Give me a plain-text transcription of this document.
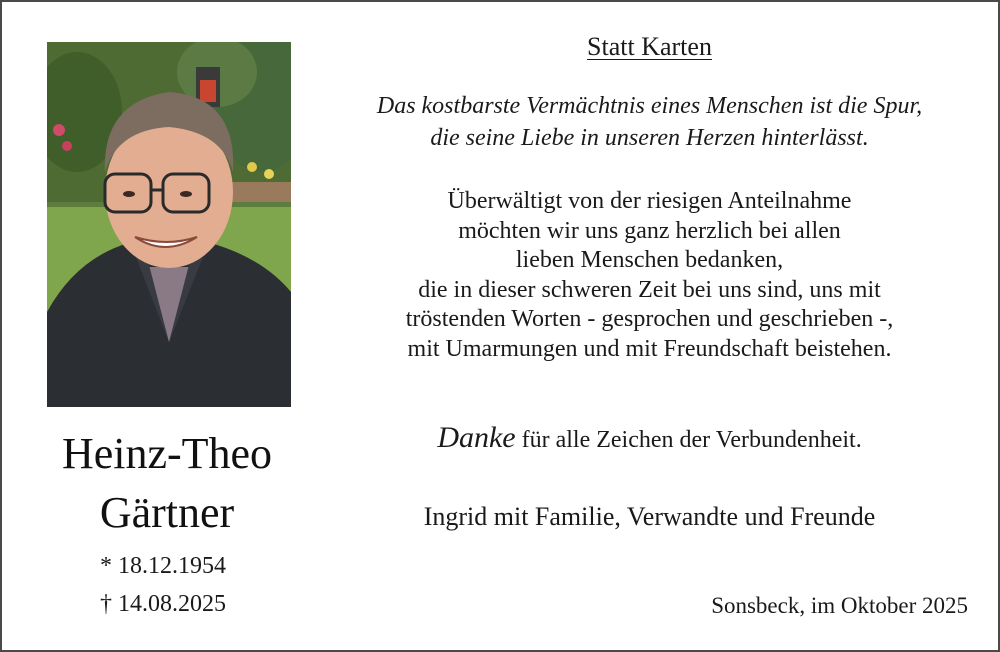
Heinz-Theo
Gärtner
* 18.12.1954
† 14.08.2025
Statt Karten
Das kostbarste Vermächtnis eines Menschen ist die Spur,
die seine Liebe in unseren Herzen hinterlässt.
Überwältigt von der riesigen Anteilnahme
möchten wir uns ganz herzlich bei allen
lieben Menschen bedanken,
die in dieser schweren Zeit bei uns sind, uns mit
tröstenden Worten - gesprochen und geschrieben -,
mit Umarmungen und mit Freundschaft beistehen.
Danke für alle Zeichen der Verbundenheit.
Ingrid mit Familie, Verwandte und Freunde
Sonsbeck, im Oktober 2025
